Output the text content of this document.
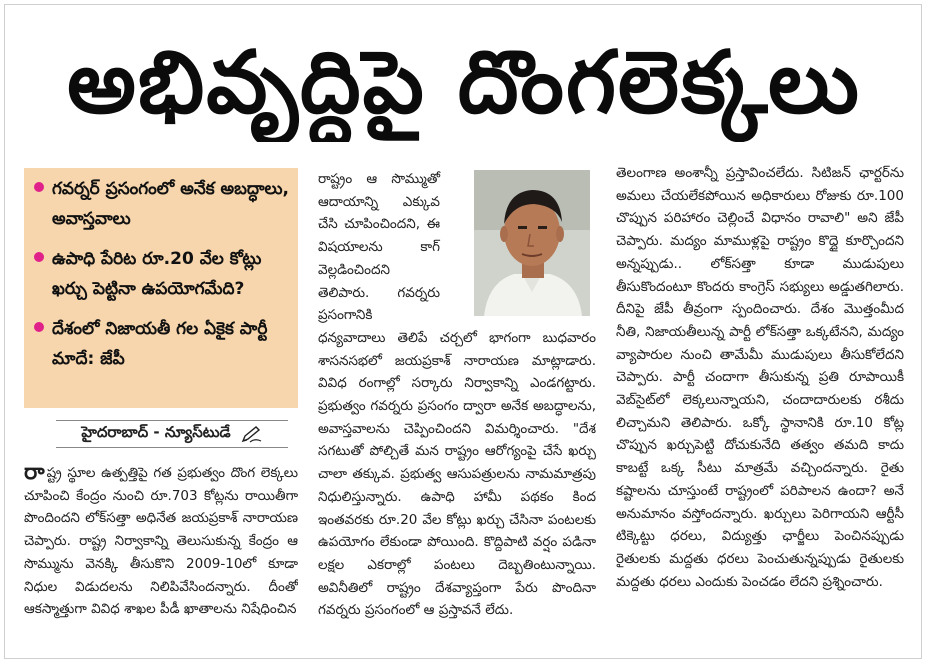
అభివృద్ధిపై దొంగలెక్కలు
గవర్నర్ ప్రసంగంలో అనేక అబద్ధాలు, అవాస్తవాలు
ఉపాధి పేరిట రూ.20 వేల కోట్లు ఖర్చు పెట్టినా ఉపయోగమేది?
దేశంలో నిజాయతీ గల ఏకైక పార్టీ మాదే: జేపీ
హైదరాబాద్ - న్యూస్‌టుడే
రాష్ట్ర స్థూల ఉత్పత్తిపై గత ప్రభుత్వం దొంగ లెక్కలు చూపించి కేంద్రం నుంచి రూ.703 కోట్లను రాయితీగా పొందిందని లోక్‌సత్తా అధినేత జయప్రకాశ్ నారాయణ చెప్పారు. రాష్ట్ర నిర్వాకాన్ని తెలుసుకున్న కేంద్రం ఆ సొమ్మును వెనక్కి తీసుకొని 2009-10లో కూడా నిధుల విడుదలను నిలిపివేసిందన్నారు. దీంతో ఆకస్మాత్తుగా వివిధ శాఖల పీడీ ఖాతాలను నిషేధించిన
రాష్ట్రం ఆ సొమ్ముతో ఆదాయాన్ని ఎక్కువ చేసి చూపించిందని, ఈ విషయాలను కాగ్ వెల్లడించిందని తెలిపారు. గవర్నరు ప్రసంగానికి ధన్యవాదాలు తెలిపే చర్చలో భాగంగా బుధవారం శాసనసభలో జయప్రకాశ్ నారాయణ మాట్లాడారు. వివిధ రంగాల్లో సర్కారు నిర్వాకాన్ని ఎండగట్టారు. ప్రభుత్వం గవర్నరు ప్రసంగం ద్వారా అనేక అబద్ధాలను, అవాస్తవాలను చెప్పించిందని విమర్శించారు. "దేశ సగటుతో పోల్చితే మన రాష్ట్రం ఆరోగ్యంపై చేసే ఖర్చు చాలా తక్కువ. ప్రభుత్వ ఆసుపత్రులను నామమాత్రపు నిధులిస్తున్నారు. ఉపాధి హామీ పథకం కింద ఇంతవరకు రూ.20 వేల కోట్లు ఖర్చు చేసినా పంటలకు ఉపయోగం లేకుండా పోయింది. కొద్దిపాటి వర్షం పడినా లక్షల ఎకరాల్లో పంటలు దెబ్బతింటున్నాయి. అవినీతిలో రాష్ట్రం దేశవ్యాప్తంగా పేరు పొందినా గవర్నరు ప్రసంగంలో ఆ ప్రస్తావనే లేదు.
తెలంగాణ అంశాన్నీ ప్రస్తావించలేదు. సిటిజన్ ఛార్టర్‌ను అమలు చేయలేకపోయిన అధికారులు రోజుకు రూ.100 చొప్పున పరిహారం చెల్లించే విధానం రావాలి" అని జేపీ చెప్పారు. మద్యం మాముళ్లపై రాష్ట్రం కొద్దై కూర్చొందని అన్నప్పుడు.. లోక్‌సత్తా కూడా ముడుపులు తీసుకొందంటూ కొందరు కాంగ్రెస్ సభ్యులు అడ్డుతగిలారు. దీనిపై జేపీ తీవ్రంగా స్పందించారు. దేశం మొత్తంమీద నీతి, నిజాయతీలున్న పార్టీ లోక్‌సత్తా ఒక్కటేనని, మద్యం వ్యాపారుల నుంచి తామేమీ ముడుపులు తీసుకోలేదని చెప్పారు. పార్టీ చందాగా తీసుకున్న ప్రతి రూపాయికీ వెబ్‌సైట్‌లో లెక్కలున్నాయని, చందాదారులకు రశీదు లిచ్చామని తెలిపారు. ఒక్కో స్థానానికి రూ.10 కోట్ల చొప్పున ఖర్చుపెట్టి దోచుకునేది తత్వం తమది కాదు కాబట్టే ఒక్క సీటు మాత్రమే వచ్చిందన్నారు. రైతు కష్టాలను చూస్తుంటే రాష్ట్రంలో పరిపాలన ఉందా? అనే అనుమానం వస్తోందన్నారు. ఖర్చులు పెరిగాయని ఆర్టీసీ టిక్కెట్టు ధరలు, విద్యుత్తు ఛార్జీలు పెంచినప్పుడు రైతులకు మద్దతు ధరలు పెంచుతున్నప్పుడు రైతులకు మద్దతు ధరలు ఎందుకు పెంచడం లేదని ప్రశ్నించారు.
